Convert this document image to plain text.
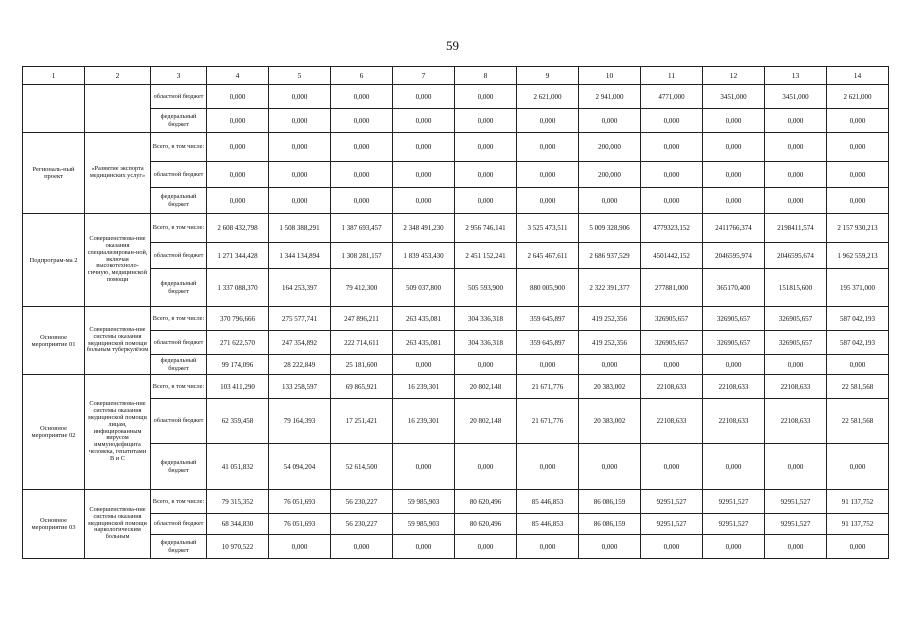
59
1	2	3	4	5	6	7	8	9	10	11	12	13	14
		областной бюджет	0,000	0,000	0,000	0,000	0,000	2 621,000	2 941,000	4771,000	3451,000	3451,000	2 621,000
		федеральный бюджет	0,000	0,000	0,000	0,000	0,000	0,000	0,000	0,000	0,000	0,000	0,000
Региональ-ный проект	«Развитие экспорта медицинских услуг»	Всего, в том числе:	0,000	0,000	0,000	0,000	0,000	0,000	200,000	0,000	0,000	0,000	0,000
		областной бюджет	0,000	0,000	0,000	0,000	0,000	0,000	200,000	0,000	0,000	0,000	0,000
		федеральный бюджет	0,000	0,000	0,000	0,000	0,000	0,000	0,000	0,000	0,000	0,000	0,000
Подпрограм-ма 2	Совершенствова-ние оказания специализирован-ной, включая высокотехноло-гичную, медицинской помощи	Всего, в том числе:	2 608 432,798	1 508 388,291	1 387 693,457	2 348 491,230	2 956 746,141	3 525 473,511	5 009 328,906	4779323,152	2411766,374	2198411,574	2 157 930,213
		областной бюджет	1 271 344,428	1 344 134,894	1 308 281,157	1 839 453,430	2 451 152,241	2 645 467,611	2 686 937,529	4501442,152	2046595,974	2046595,674	1 962 559,213
		федеральный бюджет	1 337 088,370	164 253,397	79 412,300	509 037,800	505 593,900	880 005,900	2 322 391,377	277881,000	365170,400	151815,600	195 371,000
Основное мероприятие 01	Совершенствова-ние системы оказания медицинской помощи больным туберкулёзом	Всего, в том числе:	370 796,666	275 577,741	247 896,211	263 435,081	304 336,318	359 645,897	419 252,356	326905,657	326905,657	326905,657	587 042,193
		областной бюджет	271 622,570	247 354,892	222 714,611	263 435,081	304 336,318	359 645,897	419 252,356	326905,657	326905,657	326905,657	587 042,193
		федеральный бюджет	99 174,096	28 222,849	25 181,600	0,000	0,000	0,000	0,000	0,000	0,000	0,000	0,000
Основное мероприятие 02	Совершенствова-ние системы оказания медицинской помощи лицам, инфицированным вирусом иммунодефицита человека, гепатитами В и С	Всего, в том числе:	103 411,290	133 258,597	69 865,921	16 239,301	20 802,148	21 671,776	20 383,002	22108,633	22108,633	22108,633	22 581,568
		областной бюджет	62 359,458	79 164,393	17 251,421	16 239,301	20 802,148	21 671,776	20 383,002	22108,633	22108,633	22108,633	22 581,568
		федеральный бюджет	41 051,832	54 094,204	52 614,500	0,000	0,000	0,000	0,000	0,000	0,000	0,000	0,000
Основное мероприятие 03	Совершенствова-ние системы оказания медицинской помощи наркологическим больным	Всего, в том числе:	79 315,352	76 051,693	56 230,227	59 985,903	80 620,496	85 446,853	86 086,159	92951,527	92951,527	92951,527	91 137,752
		областной бюджет	68 344,830	76 051,693	56 230,227	59 985,903	80 620,496	85 446,853	86 086,159	92951,527	92951,527	92951,527	91 137,752
		федеральный бюджет	10 970,522	0,000	0,000	0,000	0,000	0,000	0,000	0,000	0,000	0,000	0,000
